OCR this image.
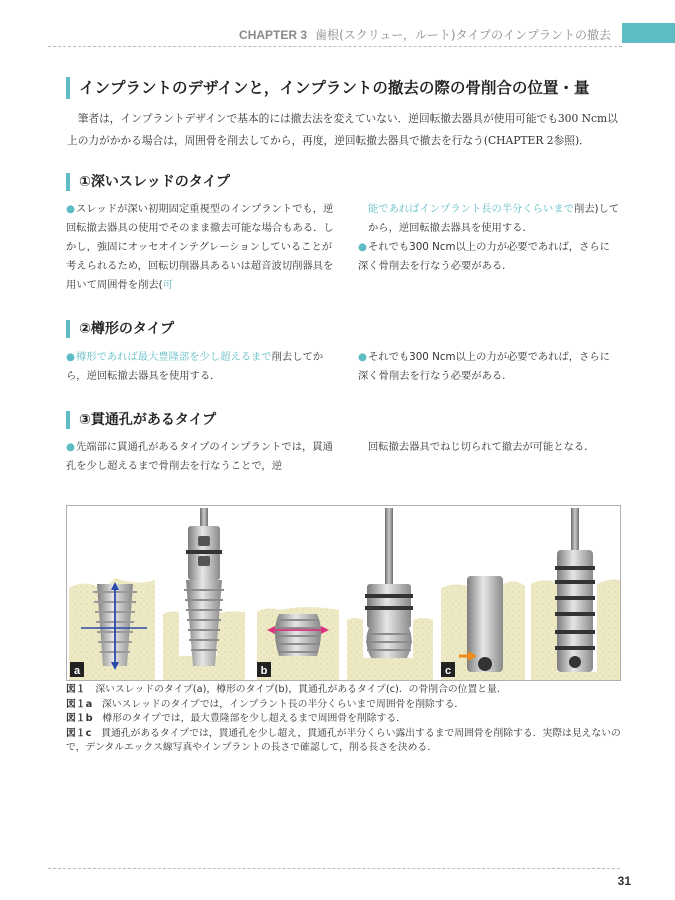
CHAPTER 3 歯根(スクリュー，ルート)タイプのインプラントの撤去
インプラントのデザインと，インプラントの撤去の際の骨削合の位置・量
筆者は，インプラントデザインで基本的には撤去法を変えていない．逆回転撤去器具が使用可能でも300 Ncm以上の力がかかる場合は，周囲骨を削去してから，再度，逆回転撤去器具で撤去を行なう(CHAPTER 2参照)．
①深いスレッドのタイプ
●スレッドが深い初期固定重視型のインプラントでも，逆回転撤去器具の使用でそのまま撤去可能な場合もある．しかし，強固にオッセオインテグレーションしていることが考えられるため，回転切削器具あるいは超音波切削器具を用いて周囲骨を削去(可
能であればインプラント長の半分くらいまで削去)してから，逆回転撤去器具を使用する．
●それでも300 Ncm以上の力が必要であれば，さらに深く骨削去を行なう必要がある．
②樽形のタイプ
●樽形であれば最大豊隆部を少し超えるまで削去してから，逆回転撤去器具を使用する．
●それでも300 Ncm以上の力が必要であれば，さらに深く骨削去を行なう必要がある．
③貫通孔があるタイプ
●先端部に貫通孔があるタイプのインプラントでは，貫通孔を少し超えるまで骨削去を行なうことで，逆
回転撤去器具でねじ切られて撤去が可能となる．
a	b	c
図１　 深いスレッドのタイプ(a)，樽形のタイプ(b)，貫通孔があるタイプ(c)．の骨削合の位置と量．
図１a　 深いスレッドのタイプでは，インプラント長の半分くらいまで周囲骨を削除する．
図１b　 樽形のタイプでは，最大豊隆部を少し超えるまで周囲骨を削除する．
図１c　 貫通孔があるタイプでは，貫通孔を少し超え，貫通孔が半分くらい露出するまで周囲骨を削除する．実際は見えないので，デンタルエックス線写真やインプラントの長さで確認して，削る長さを決める．
31
